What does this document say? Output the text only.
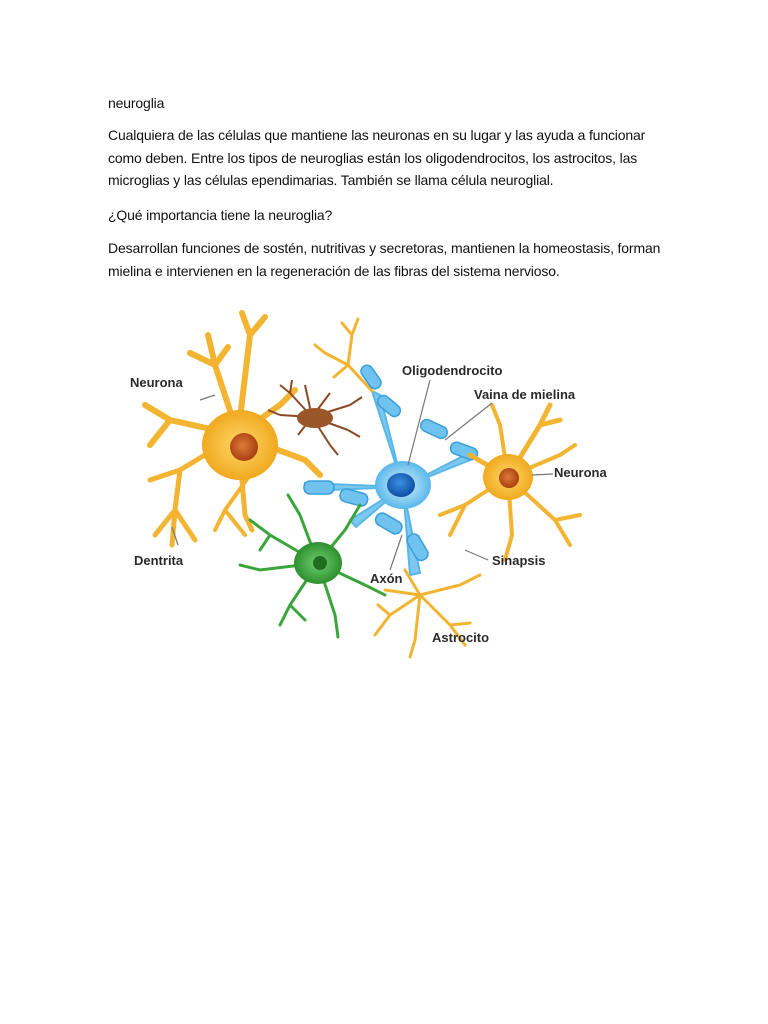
neuroglia
Cualquiera de las células que mantiene las neuronas en su lugar y las ayuda a funcionar como deben. Entre los tipos de neuroglias están los oligodendrocitos, los astrocitos, las microglias y las células ependimarias. También se llama célula neuroglial.
¿Qué importancia tiene la neuroglia?
Desarrollan funciones de sostén, nutritivas y secretoras, mantienen la homeostasis, forman mielina e intervienen en la regeneración de las fibras del sistema nervioso.
Neurona
Oligodendrocito
Vaina de mielina
Neurona
Dentrita	Sinapsis
Axón
Astrocito
